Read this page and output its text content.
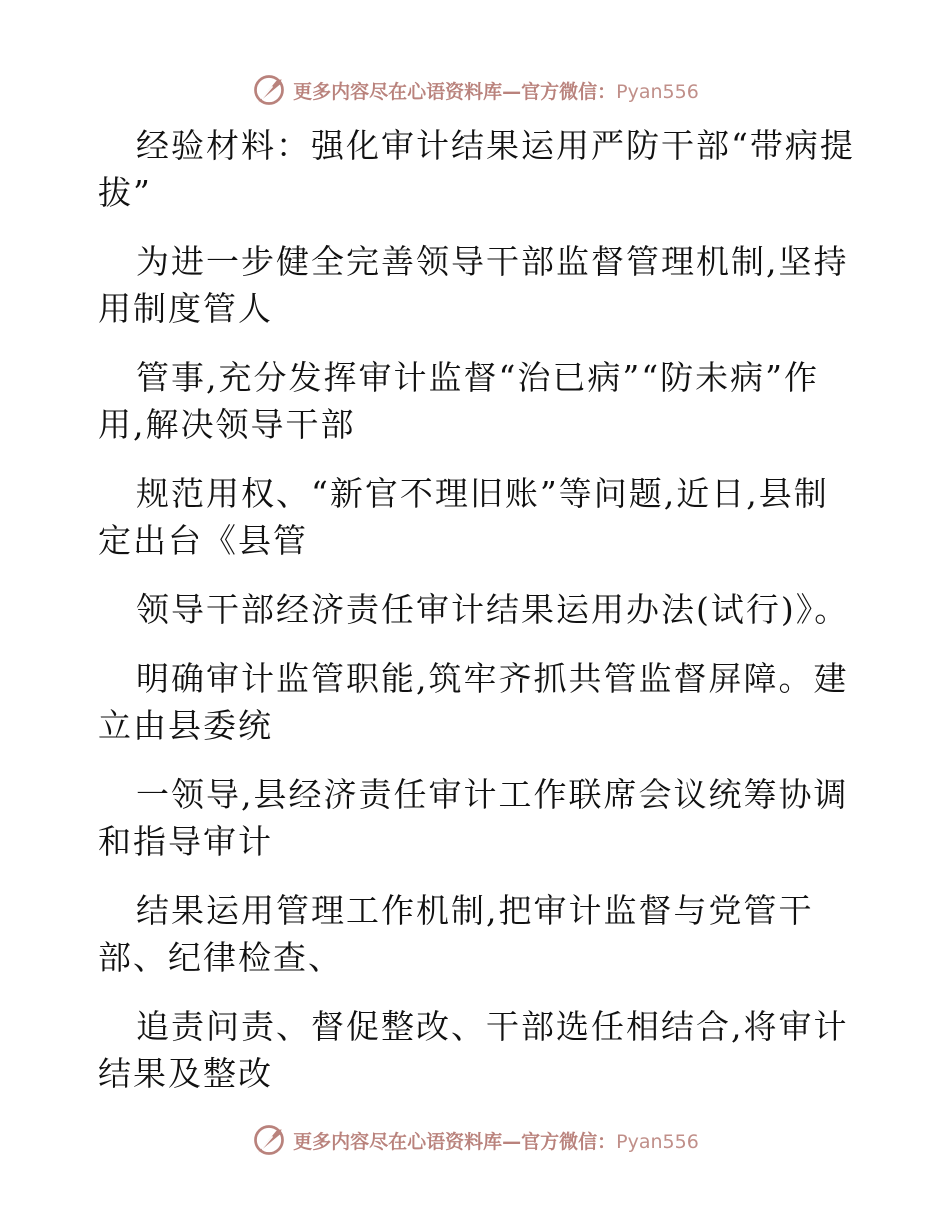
更多内容尽在心语资料库—官方微信：Pyan556

经验材料：强化审计结果运用严防干部“带病提拔”

为进一步健全完善领导干部监督管理机制,坚持用制度管人

管事,充分发挥审计监督“治已病”“防未病”作用,解决领导干部

规范用权、“新官不理旧账”等问题,近日,县制定出台《县管

领导干部经济责任审计结果运用办法(试行)》。

明确审计监管职能,筑牢齐抓共管监督屏障。建立由县委统

一领导,县经济责任审计工作联席会议统筹协调和指导审计

结果运用管理工作机制,把审计监督与党管干部、纪律检查、

追责问责、督促整改、干部选任相结合,将审计结果及整改

更多内容尽在心语资料库—官方微信：Pyan556
